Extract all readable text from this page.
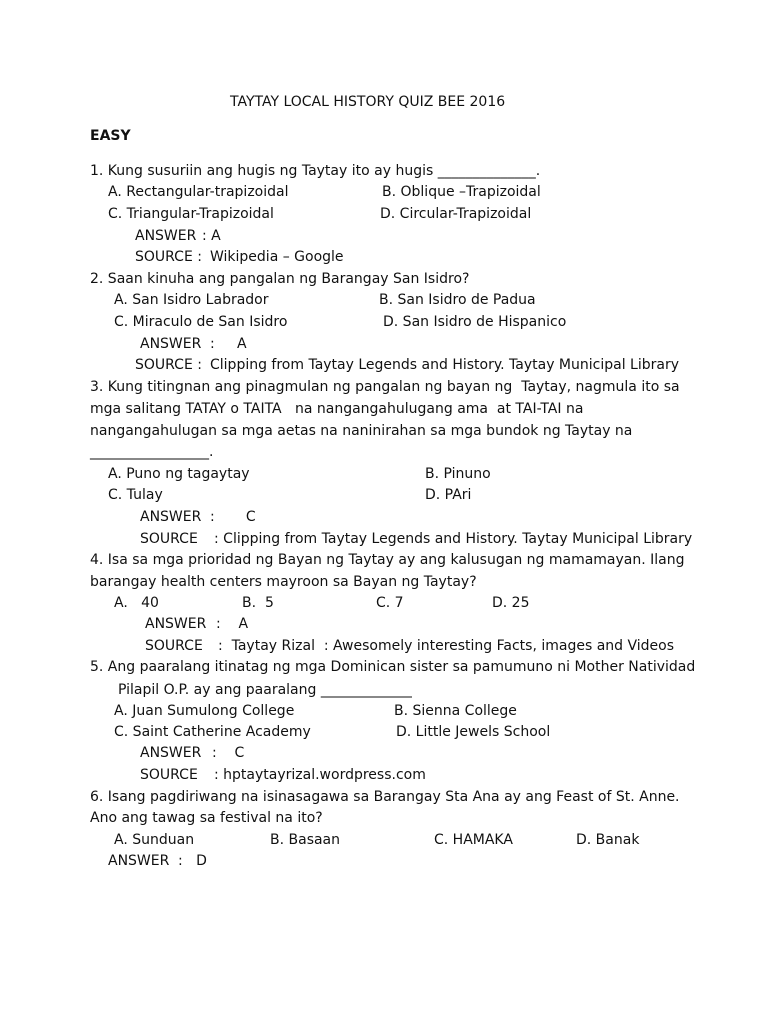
TAYTAY LOCAL HISTORY QUIZ BEE 2016
EASY
1. Kung susuriin ang hugis ng Taytay ito ay hugis ______________.
A. Rectangular-trapizoidal	B. Oblique –Trapizoidal
C. Triangular-Trapizoidal	D. Circular-Trapizoidal
ANSWER : A
SOURCE : Wikipedia – Google
2. Saan kinuha ang pangalan ng Barangay San Isidro?
A. San Isidro Labrador	B. San Isidro de Padua
C. Miraculo de San Isidro	D. San Isidro de Hispanico
ANSWER :     A
SOURCE : Clipping from Taytay Legends and History. Taytay Municipal Library
3. Kung titingnan ang pinagmulan ng pangalan ng bayan ng  Taytay, nagmula ito sa
mga salitang TATAY o TAITA   na nangangahulugang ama  at TAI-TAI na
nangangahulugan sa mga aetas na naninirahan sa mga bundok ng Taytay na
_________________.
A. Puno ng tagaytay	B. Pinuno
C. Tulay	D. PAri
ANSWER :       C
SOURCE : Clipping from Taytay Legends and History. Taytay Municipal Library
4. Isa sa mga prioridad ng Bayan ng Taytay ay ang kalusugan ng mamamayan. Ilang
barangay health centers mayroon sa Bayan ng Taytay?
A.   40	B.  5	C. 7	D. 25
ANSWER :    A
SOURCE :  Taytay Rizal  : Awesomely interesting Facts, images and Videos
5. Ang paaralang itinatag ng mga Dominican sister sa pamumuno ni Mother Natividad
Pilapil O.P. ay ang paaralang _____________
A. Juan Sumulong College	B. Sienna College
C. Saint Catherine Academy	D. Little Jewels School
ANSWER :    C
SOURCE : hptaytayrizal.wordpress.com
6. Isang pagdiriwang na isinasagawa sa Barangay Sta Ana ay ang Feast of St. Anne.
Ano ang tawag sa festival na ito?
A. Sunduan	B. Basaan	C. HAMAKA	D. Banak
ANSWER :   D
